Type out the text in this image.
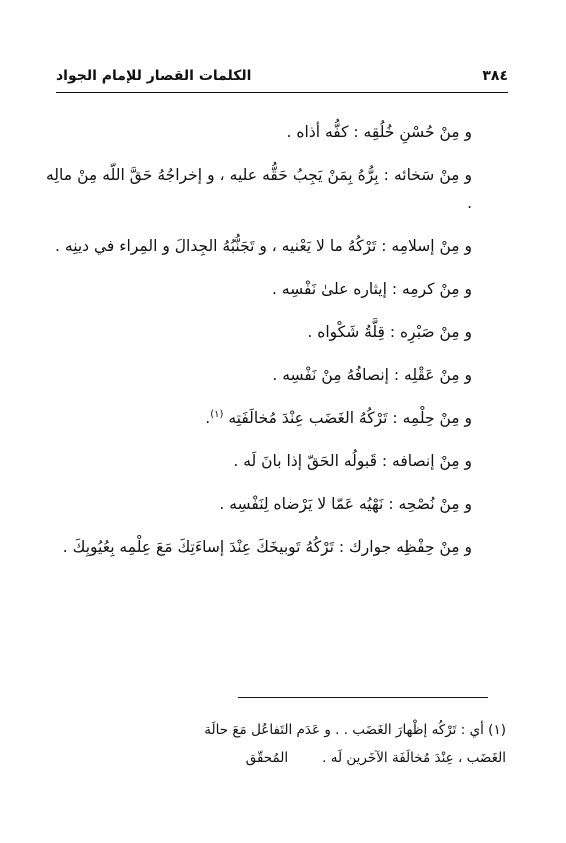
٣٨٤
الكلمات القصار للإمام الجواد

و مِنْ حُسْنِ خُلُقِه : كفُّه أذاه .

و مِنْ سَخائه : بِرُّهُ بِمَنْ يَجِبُ حَقُّه عليه ، و إخراجُهُ حَقَّ اللّه مِنْ مالِه .

و مِنْ إسلامِه : تَرْكُهُ ما لا يَعْنيه ، و تَجَنُّبُهُ الجِدالَ و المِراء في دينِه .

و مِنْ كرمِه : إيثاره علىٰ نَفْسِه .

و مِنْ صَبْرِه : قِلَّةُ شَكْواه .

و مِنْ عَقْلِه : إنصافُهُ مِنْ نَفْسِه .

و مِنْ حِلْمِه : تَرْكُهُ الغَضَب عِنْدَ مُخالَفَتِه $^{(١)}$.

و مِنْ إنصافه : قَبولُه الحَقّ إذا بانَ لَه .

و مِنْ نُصْحِه : نَهْيُه عَمّا لا يَرْضاه لِنَفْسِه .

و مِنْ حِفْظِه جوارك : تَرْكُهُ تَوبيخَكَ عِنْدَ إساءَتِكَ مَعَ عِلْمِه بِعُيُوبِكَ .

(١) أي : تَرْكُه إظْهارَ الغَضَب . . و عَدَم التَفاعُل مَعَ حالَة
الغَضَب ، عِنْدَ مُخالَفَة الآخَرين لَه .المُحقّق
